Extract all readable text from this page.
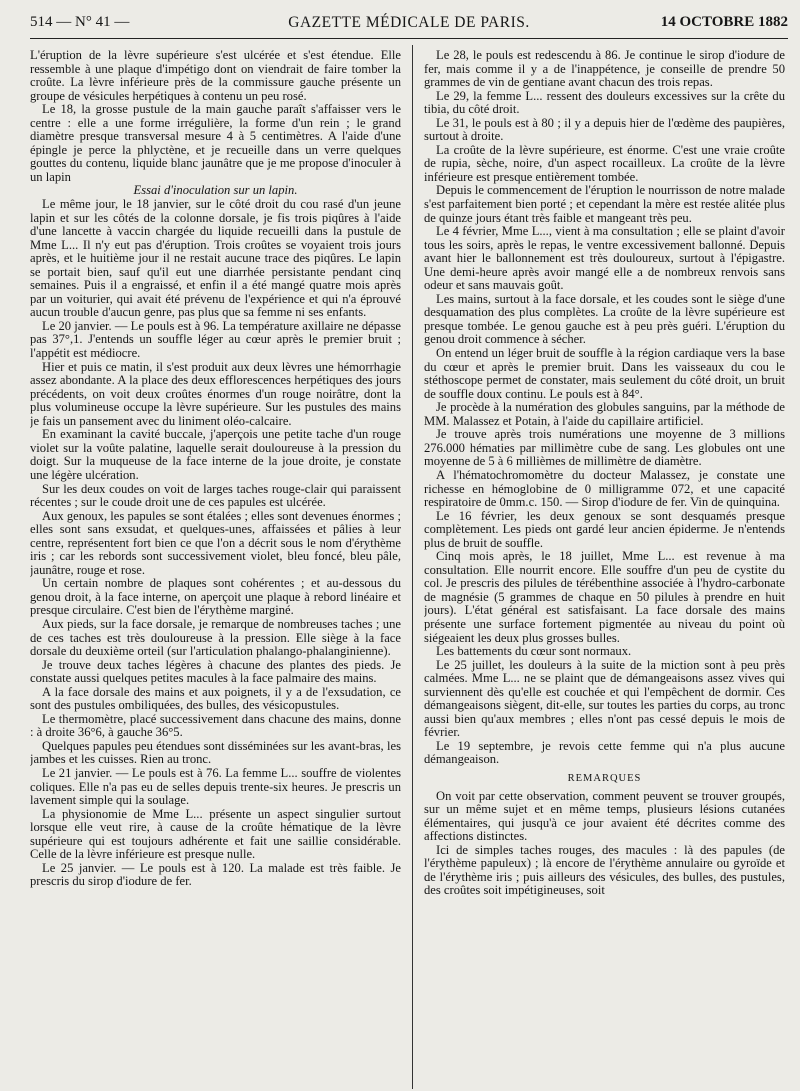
514 — N° 41 —	GAZETTE MÉDICALE DE PARIS.	14 OCTOBRE 1882

L'éruption de la lèvre supérieure s'est ulcérée et s'est étendue. Elle ressemble à une plaque d'impétigo dont on viendrait de faire tomber la croûte. La lèvre inférieure près de la commissure gauche présente un groupe de vésicules herpétiques à contenu un peu rosé.

Le 18, la grosse pustule de la main gauche paraît s'affaisser vers le centre : elle a une forme irrégulière, la forme d'un rein ; le grand diamètre presque transversal mesure 4 à 5 centimètres. A l'aide d'une épingle je perce la phlyctène, et je recueille dans un verre quelques gouttes du contenu, liquide blanc jaunâtre que je me propose d'inoculer à un lapin

Essai d'inoculation sur un lapin.

Le même jour, le 18 janvier, sur le côté droit du cou rasé d'un jeune lapin et sur les côtés de la colonne dorsale, je fis trois piqûres à l'aide d'une lancette à vaccin chargée du liquide recueilli dans la pustule de Mme L... Il n'y eut pas d'éruption. Trois croûtes se voyaient trois jours après, et le huitième jour il ne restait aucune trace des piqûres. Le lapin se portait bien, sauf qu'il eut une diarrhée persistante pendant cinq semaines. Puis il a engraissé, et enfin il a été mangé quatre mois après par un voiturier, qui avait été prévenu de l'expérience et qui n'a éprouvé aucun trouble d'aucun genre, pas plus que sa femme ni ses enfants.

Le 20 janvier. — Le pouls est à 96. La température axillaire ne dépasse pas 37°,1. J'entends un souffle léger au cœur après le premier bruit ; l'appétit est médiocre.

Hier et puis ce matin, il s'est produit aux deux lèvres une hémorrhagie assez abondante. A la place des deux efflorescences herpétiques des jours précédents, on voit deux croûtes énormes d'un rouge noirâtre, dont la plus volumineuse occupe la lèvre supérieure. Sur les pustules des mains je fais un pansement avec du liniment oléo-calcaire.

En examinant la cavité buccale, j'aperçois une petite tache d'un rouge violet sur la voûte palatine, laquelle serait douloureuse à la pression du doigt. Sur la muqueuse de la face interne de la joue droite, je constate une légère ulcération.

Sur les deux coudes on voit de larges taches rouge-clair qui paraissent récentes ; sur le coude droit une de ces papules est ulcérée.

Aux genoux, les papules se sont étalées ; elles sont devenues énormes ; elles sont sans exsudat, et quelques-unes, affaissées et pâlies à leur centre, représentent fort bien ce que l'on a décrit sous le nom d'érythème iris ; car les rebords sont successivement violet, bleu foncé, bleu pâle, jaunâtre, rouge et rose.

Un certain nombre de plaques sont cohérentes ; et au-dessous du genou droit, à la face interne, on aperçoit une plaque à rebord linéaire et presque circulaire. C'est bien de l'érythème marginé.

Aux pieds, sur la face dorsale, je remarque de nombreuses taches ; une de ces taches est très douloureuse à la pression. Elle siège à la face dorsale du deuxième orteil (sur l'articulation phalango-phalanginienne).

Je trouve deux taches légères à chacune des plantes des pieds. Je constate aussi quelques petites macules à la face palmaire des mains.

A la face dorsale des mains et aux poignets, il y a de l'exsudation, ce sont des pustules ombiliquées, des bulles, des vésicopustules.

Le thermomètre, placé successivement dans chacune des mains, donne : à droite 36°6, à gauche 36°5.

Quelques papules peu étendues sont disséminées sur les avant-bras, les jambes et les cuisses. Rien au tronc.

Le 21 janvier. — Le pouls est à 76. La femme L... souffre de violentes coliques. Elle n'a pas eu de selles depuis trente-six heures. Je prescris un lavement simple qui la soulage.

La physionomie de Mme L... présente un aspect singulier surtout lorsque elle veut rire, à cause de la croûte hématique de la lèvre supérieure qui est toujours adhérente et fait une saillie considérable. Celle de la lèvre inférieure est presque nulle.

Le 25 janvier. — Le pouls est à 120. La malade est très faible. Je prescris du sirop d'iodure de fer.

Le 28, le pouls est redescendu à 86. Je continue le sirop d'iodure de fer, mais comme il y a de l'inappétence, je conseille de prendre 50 grammes de vin de gentiane avant chacun des trois repas.

Le 29, la femme L... ressent des douleurs excessives sur la crête du tibia, du côté droit.

Le 31, le pouls est à 80 ; il y a depuis hier de l'œdème des paupières, surtout à droite.

La croûte de la lèvre supérieure, est énorme. C'est une vraie croûte de rupia, sèche, noire, d'un aspect rocailleux. La croûte de la lèvre inférieure est presque entièrement tombée.

Depuis le commencement de l'éruption le nourrisson de notre malade s'est parfaitement bien porté ; et cependant la mère est restée alitée plus de quinze jours étant très faible et mangeant très peu.

Le 4 février, Mme L..., vient à ma consultation ; elle se plaint d'avoir tous les soirs, après le repas, le ventre excessivement ballonné. Depuis avant hier le ballonnement est très douloureux, surtout à l'épigastre. Une demi-heure après avoir mangé elle a de nombreux renvois sans odeur et sans mauvais goût.

Les mains, surtout à la face dorsale, et les coudes sont le siège d'une desquamation des plus complètes. La croûte de la lèvre supérieure est presque tombée. Le genou gauche est à peu près guéri. L'éruption du genou droit commence à sécher.

On entend un léger bruit de souffle à la région cardiaque vers la base du cœur et après le premier bruit. Dans les vaisseaux du cou le stéthoscope permet de constater, mais seulement du côté droit, un bruit de souffle doux continu. Le pouls est à 84°.

Je procède à la numération des globules sanguins, par la méthode de MM. Malassez et Potain, à l'aide du capillaire artificiel.

Je trouve après trois numérations une moyenne de 3 millions 276.000 hématies par millimètre cube de sang. Les globules ont une moyenne de 5 à 6 millièmes de millimètre de diamètre.

A l'hématochromomètre du docteur Malassez, je constate une richesse en hémoglobine de 0 milligramme 072, et une capacité respiratoire de 0mm.c. 150. — Sirop d'iodure de fer. Vin de quinquina.

Le 16 février, les deux genoux se sont desquamés presque complètement. Les pieds ont gardé leur ancien épiderme. Je n'entends plus de bruit de souffle.

Cinq mois après, le 18 juillet, Mme L... est revenue à ma consultation. Elle nourrit encore. Elle souffre d'un peu de cystite du col. Je prescris des pilules de térébenthine associée à l'hydro-carbonate de magnésie (5 grammes de chaque en 50 pilules à prendre en huit jours). L'état général est satisfaisant. La face dorsale des mains présente une surface fortement pigmentée au niveau du point où siégeaient les deux plus grosses bulles.

Les battements du cœur sont normaux.

Le 25 juillet, les douleurs à la suite de la miction sont à peu près calmées. Mme L... ne se plaint que de démangeaisons assez vives qui surviennent dès qu'elle est couchée et qui l'empêchent de dormir. Ces démangeaisons siègent, dit-elle, sur toutes les parties du corps, au tronc aussi bien qu'aux membres ; elles n'ont pas cessé depuis le mois de février.

Le 19 septembre, je revois cette femme qui n'a plus aucune démangeaison.

REMARQUES

On voit par cette observation, comment peuvent se trouver groupés, sur un même sujet et en même temps, plusieurs lésions cutanées élémentaires, qui jusqu'à ce jour avaient été décrites comme des affections distinctes.

Ici de simples taches rouges, des macules : là des papules (de l'érythème papuleux) ; là encore de l'érythème annulaire ou gyroïde et de l'érythème iris ; puis ailleurs des vésicules, des bulles, des pustules, des croûtes soit impétigineuses, soit
